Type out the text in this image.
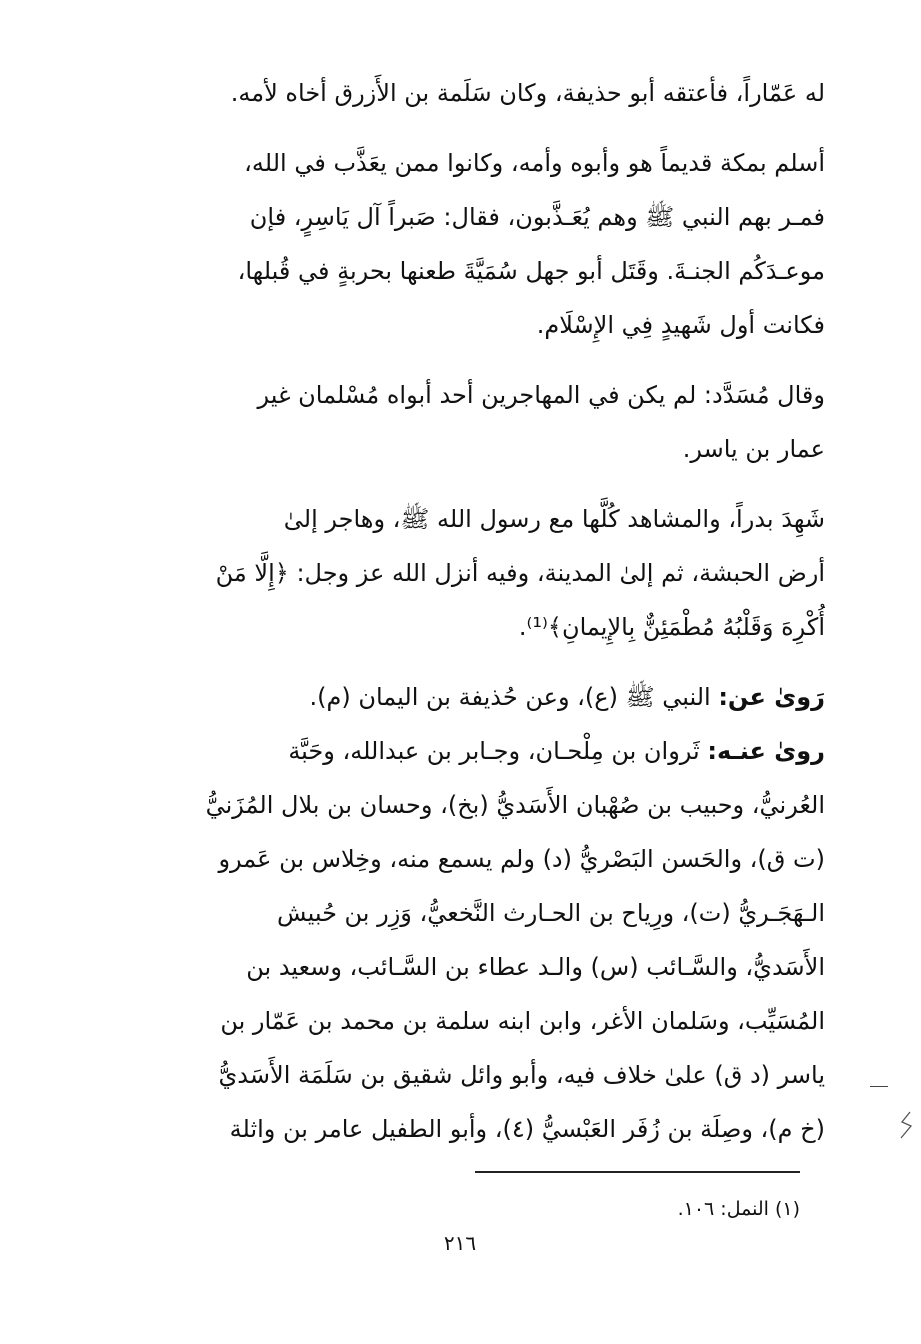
له عَمّاراً، فأعتقه أبو حذيفة، وكان سَلَمة بن الأَزرق أخاه لأمه.

أسلم بمكة قديماً هو وأبوه وأمه، وكانوا ممن يعَذَّب في الله،
فمـر بهم النبي ﷺ وهم يُعَـذَّبون، فقال: صَبراً آل يَاسِرٍ، فإن
موعـدَكُم الجنـةَ. وقَتَل أبو جهل سُمَيَّةَ طعنها بحربةٍ في قُبلها،
فكانت أول شَهيدٍ فِي الإِسْلَام.

وقال مُسَدَّد: لم يكن في المهاجرين أحد أبواه مُسْلمان غير
عمار بن ياسر.

شَهِدَ بدراً، والمشاهد كُلَّها مع رسول الله ﷺ، وهاجر إلىٰ
أرض الحبشة، ثم إلىٰ المدينة، وفيه أنزل الله عز وجل: ﴿إِلَّا مَنْ
أُكْرِهَ وَقَلْبُهُ مُطْمَئِنٌّ بِالإِيمانِ﴾⁽¹⁾.

رَوىٰ عن: النبي ﷺ (ع)، وعن حُذيفة بن اليمان (م).
روىٰ عنـه: ثَروان بن مِلْحـان، وجـابر بن عبدالله، وحَبَّة
العُرنيُّ، وحبيب بن صُهْبان الأَسَديُّ (بخ)، وحسان بن بلال المُزَنيُّ
(ت ق)، والحَسن البَصْريُّ (د) ولم يسمع منه، وخِلاس بن عَمرو
الـهَجَـريُّ (ت)، ورِياح بن الحـارث النَّخعيُّ، وَزِر بن حُبيش
الأَسَديُّ، والسَّـائب (س) والـد عطاء بن السَّـائب، وسعيد بن
المُسَيِّب، وسَلمان الأغر، وابن ابنه سلمة بن محمد بن عَمّار بن
ياسر (د ق) علىٰ خلاف فيه، وأبو وائل شقيق بن سَلَمَة الأَسَديُّ
(خ م)، وصِلَة بن زُفَر العَبْسيُّ (٤)، وأبو الطفيل عامر بن واثلة

(١) النمل: ١٠٦.
٢١٦
